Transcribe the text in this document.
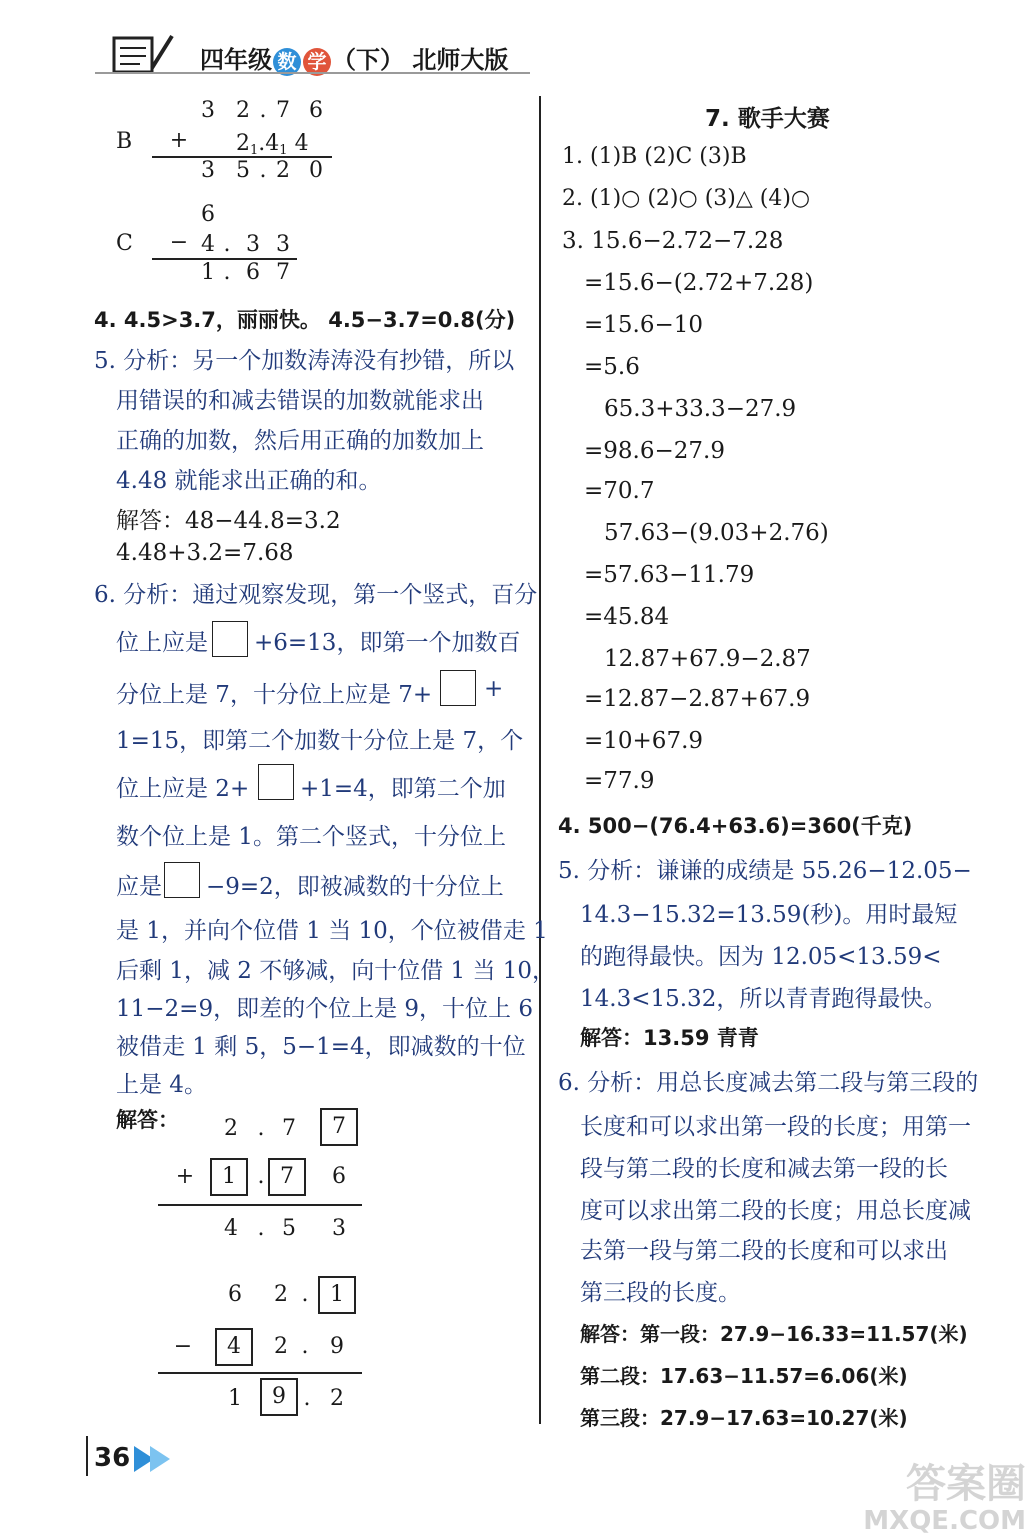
四年级 数 学 （下） 北师大版
B
3 2 . 7 6
+ $2_1.4_1$ 4
3 5 . 2 0
6
C − 4 . 3 3
1 . 6 7
4. 4.5>3.7，丽丽快。 4.5−3.7=0.8(分)
5. 分析：另一个加数涛涛没有抄错，所以
用错误的和减去错误的加数就能求出
正确的加数，然后用正确的加数加上
4.48 就能求出正确的和。
解答：48−44.8=3.2
4.48+3.2=7.68
6. 分析：通过观察发现，第一个竖式，百分
位上应是 +6=13，即第一个加数百
分位上是 7，十分位上应是 7+ +
1=15，即第二个加数十分位上是 7，个
位上应是 2+ +1=4，即第二个加
数个位上是 1。第二个竖式，十分位上
应是 −9=2，即被减数的十分位上
是 1，并向个位借 1 当 10，个位被借走 1
后剩 1，减 2 不够减，向十位借 1 当 10，
11−2=9，即差的个位上是 9，十位上 6
被借走 1 剩 5，5−1=4，即减数的十位
上是 4。
解答： 2 . 7	7
+	1 . 7	6
4 . 5 3
6 2 . 1
−	4	2 . 9
1	9 . 2
7. 歌手大赛
1. (1)B (2)C (3)B
2. (1)○ (2)○ (3)△ (4)○
3. 15.6−2.72−7.28
=15.6−(2.72+7.28)
=15.6−10
=5.6
65.3+33.3−27.9
=98.6−27.9
=70.7
57.63−(9.03+2.76)
=57.63−11.79
=45.84
12.87+67.9−2.87
=12.87−2.87+67.9
=10+67.9
=77.9
4. 500−(76.4+63.6)=360(千克)
5. 分析：谦谦的成绩是 55.26−12.05−
14.3−15.32=13.59(秒)。用时最短
的跑得最快。因为 12.05<13.59<
14.3<15.32，所以青青跑得最快。
解答：13.59 青青
6. 分析：用总长度减去第二段与第三段的
长度和可以求出第一段的长度；用第一
段与第二段的长度和减去第一段的长
度可以求出第二段的长度；用总长度减
去第一段与第二段的长度和可以求出
第三段的长度。
解答：第一段：27.9−16.33=11.57(米)
第二段：17.63−11.57=6.06(米)
第三段：27.9−17.63=10.27(米)
36
答案圈
MXQE.COM
